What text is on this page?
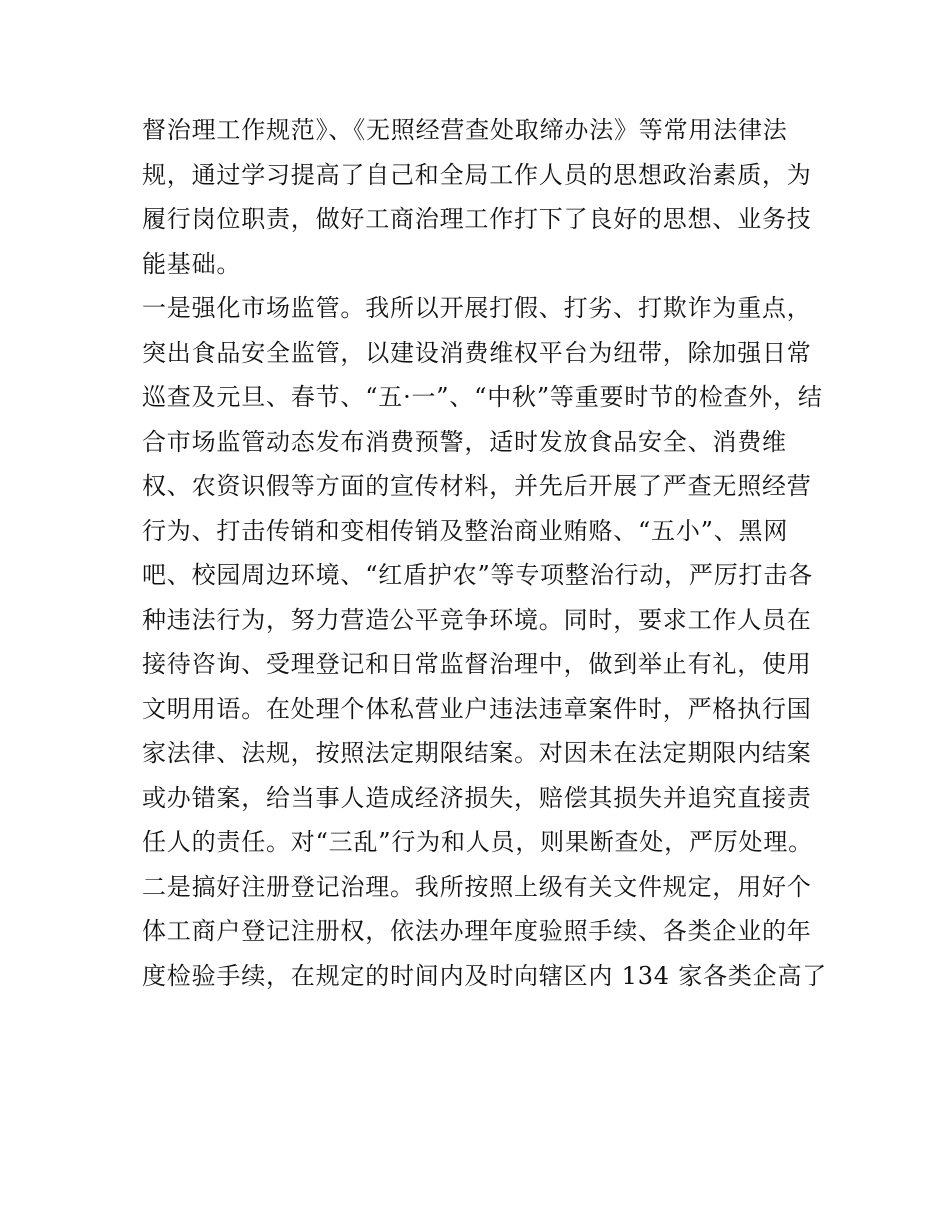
督治理工作规范》、《无照经营查处取缔办法》等常用法律法
规，通过学习提高了自己和全局工作人员的思想政治素质，为
履行岗位职责，做好工商治理工作打下了良好的思想、业务技
能基础。
一是强化市场监管。我所以开展打假、打劣、打欺诈为重点，
突出食品安全监管，以建设消费维权平台为纽带，除加强日常
巡查及元旦、春节、“五·一”、“中秋”等重要时节的检查外，结
合市场监管动态发布消费预警，适时发放食品安全、消费维
权、农资识假等方面的宣传材料，并先后开展了严查无照经营
行为、打击传销和变相传销及整治商业贿赂、“五小”、黑网
吧、校园周边环境、“红盾护农”等专项整治行动，严厉打击各
种违法行为，努力营造公平竞争环境。同时，要求工作人员在
接待咨询、受理登记和日常监督治理中，做到举止有礼，使用
文明用语。在处理个体私营业户违法违章案件时，严格执行国
家法律、法规，按照法定期限结案。对因未在法定期限内结案
或办错案，给当事人造成经济损失，赔偿其损失并追究直接责
任人的责任。对“三乱”行为和人员，则果断查处，严厉处理。
二是搞好注册登记治理。我所按照上级有关文件规定，用好个
体工商户登记注册权，依法办理年度验照手续、各类企业的年
度检验手续，在规定的时间内及时向辖区内 134 家各类企高了
